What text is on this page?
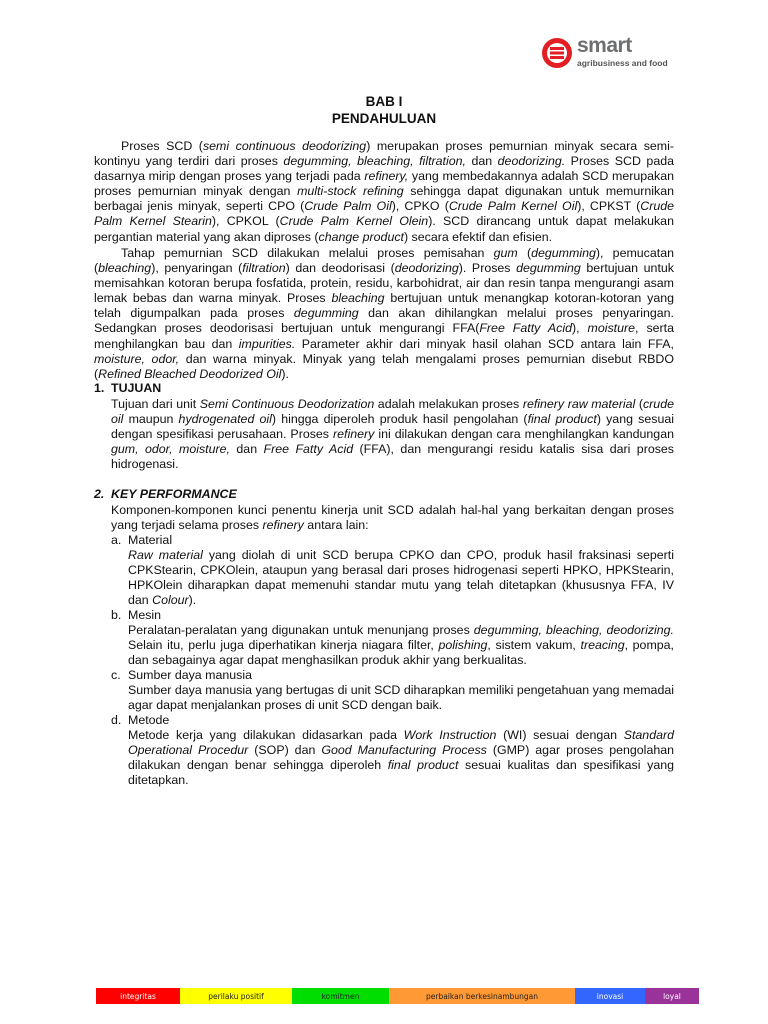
smart
agribusiness and food
BAB I
PENDAHULUAN

Proses SCD (semi continuous deodorizing) merupakan proses pemurnian minyak secara semi-kontinyu yang terdiri dari proses degumming, bleaching, filtration, dan deodorizing. Proses SCD pada dasarnya mirip dengan proses yang terjadi pada refinery, yang membedakannya adalah SCD merupakan proses pemurnian minyak dengan multi-stock refining sehingga dapat digunakan untuk memurnikan berbagai jenis minyak, seperti CPO (Crude Palm Oil), CPKO (Crude Palm Kernel Oil), CPKST (Crude Palm Kernel Stearin), CPKOL (Crude Palm Kernel Olein). SCD dirancang untuk dapat melakukan pergantian material yang akan diproses (change product) secara efektif dan efisien.

Tahap pemurnian SCD dilakukan melalui proses pemisahan gum (degumming), pemucatan (bleaching), penyaringan (filtration) dan deodorisasi (deodorizing). Proses degumming bertujuan untuk memisahkan kotoran berupa fosfatida, protein, residu, karbohidrat, air dan resin tanpa mengurangi asam lemak bebas dan warna minyak. Proses bleaching bertujuan untuk menangkap kotoran-kotoran yang telah digumpalkan pada proses degumming dan akan dihilangkan melalui proses penyaringan. Sedangkan proses deodorisasi bertujuan untuk mengurangi FFA(Free Fatty Acid), moisture, serta menghilangkan bau dan impurities. Parameter akhir dari minyak hasil olahan SCD antara lain FFA, moisture, odor, dan warna minyak. Minyak yang telah mengalami proses pemurnian disebut RBDO (Refined Bleached Deodorized Oil).

1. TUJUAN

Tujuan dari unit Semi Continuous Deodorization adalah melakukan proses refinery raw material (crude oil maupun hydrogenated oil) hingga diperoleh produk hasil pengolahan (final product) yang sesuai dengan spesifikasi perusahaan. Proses refinery ini dilakukan dengan cara menghilangkan kandungan gum, odor, moisture, dan Free Fatty Acid (FFA), dan mengurangi residu katalis sisa dari proses hidrogenasi.

2. KEY PERFORMANCE

Komponen-komponen kunci penentu kinerja unit SCD adalah hal-hal yang berkaitan dengan proses yang terjadi selama proses refinery antara lain:

a. Material

Raw material yang diolah di unit SCD berupa CPKO dan CPO, produk hasil fraksinasi seperti CPKStearin, CPKOlein, ataupun yang berasal dari proses hidrogenasi seperti HPKO, HPKStearin, HPKOlein diharapkan dapat memenuhi standar mutu yang telah ditetapkan (khususnya FFA, IV dan Colour).

b. Mesin

Peralatan-peralatan yang digunakan untuk menunjang proses degumming, bleaching, deodorizing. Selain itu, perlu juga diperhatikan kinerja niagara filter, polishing, sistem vakum, treacing, pompa, dan sebagainya agar dapat menghasilkan produk akhir yang berkualitas.

c. Sumber daya manusia

Sumber daya manusia yang bertugas di unit SCD diharapkan memiliki pengetahuan yang memadai agar dapat menjalankan proses di unit SCD dengan baik.

d. Metode

Metode kerja yang dilakukan didasarkan pada Work Instruction (WI) sesuai dengan Standard Operational Procedur (SOP) dan Good Manufacturing Process (GMP) agar proses pengolahan dilakukan dengan benar sehingga diperoleh final product sesuai kualitas dan spesifikasi yang ditetapkan.

integritas	perilaku positif	komitmen	perbaikan berkesinambungan	inovasi	loyal
